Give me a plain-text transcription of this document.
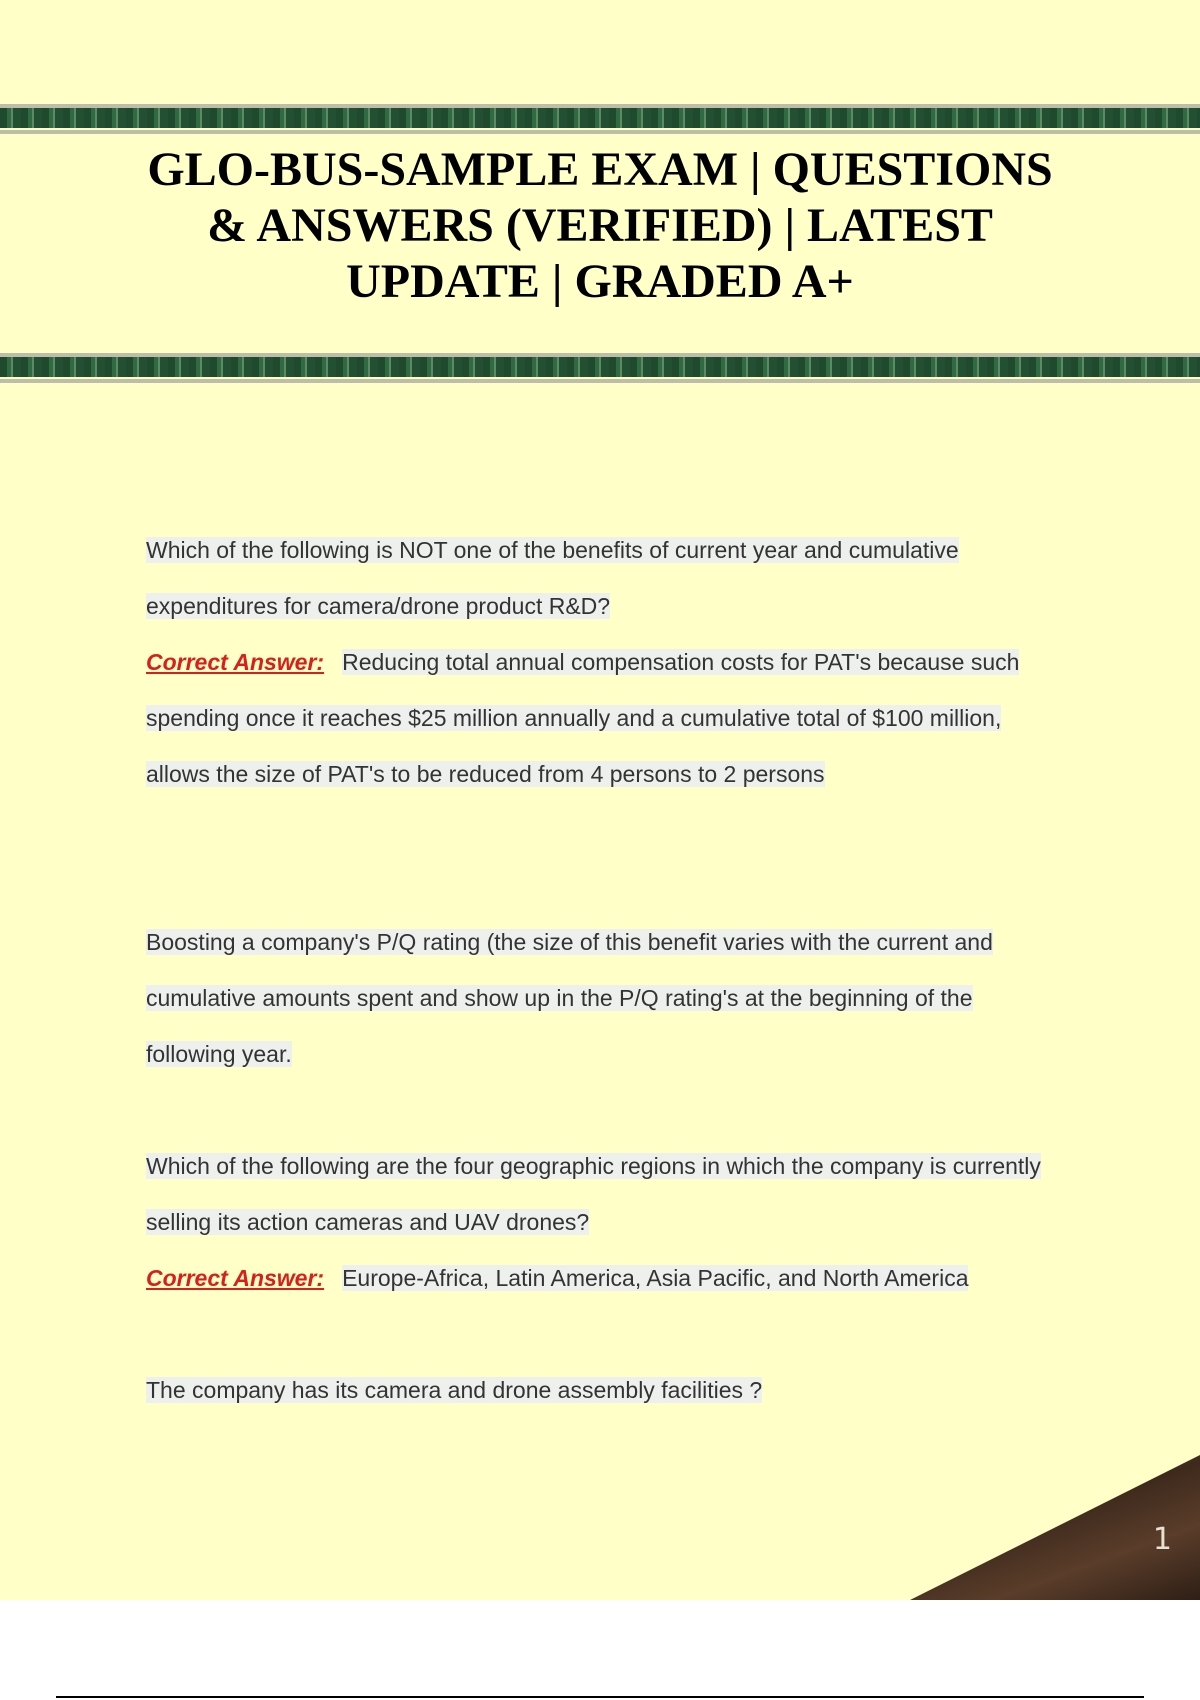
GLO-BUS-SAMPLE EXAM | QUESTIONS
& ANSWERS (VERIFIED) | LATEST
UPDATE | GRADED A+

Which of the following is NOT one of the benefits of current year and cumulative

expenditures for camera/drone product R&D?

Correct Answer: Reducing total annual compensation costs for PAT's because such

spending once it reaches $25 million annually and a cumulative total of $100 million,

allows the size of PAT's to be reduced from 4 persons to 2 persons

Boosting a company's P/Q rating (the size of this benefit varies with the current and

cumulative amounts spent and show up in the P/Q rating's at the beginning of the

following year.

Which of the following are the four geographic regions in which the company is currently

selling its action cameras and UAV drones?

Correct Answer: Europe-Africa, Latin America, Asia Pacific, and North America

The company has its camera and drone assembly facilities ?

1
